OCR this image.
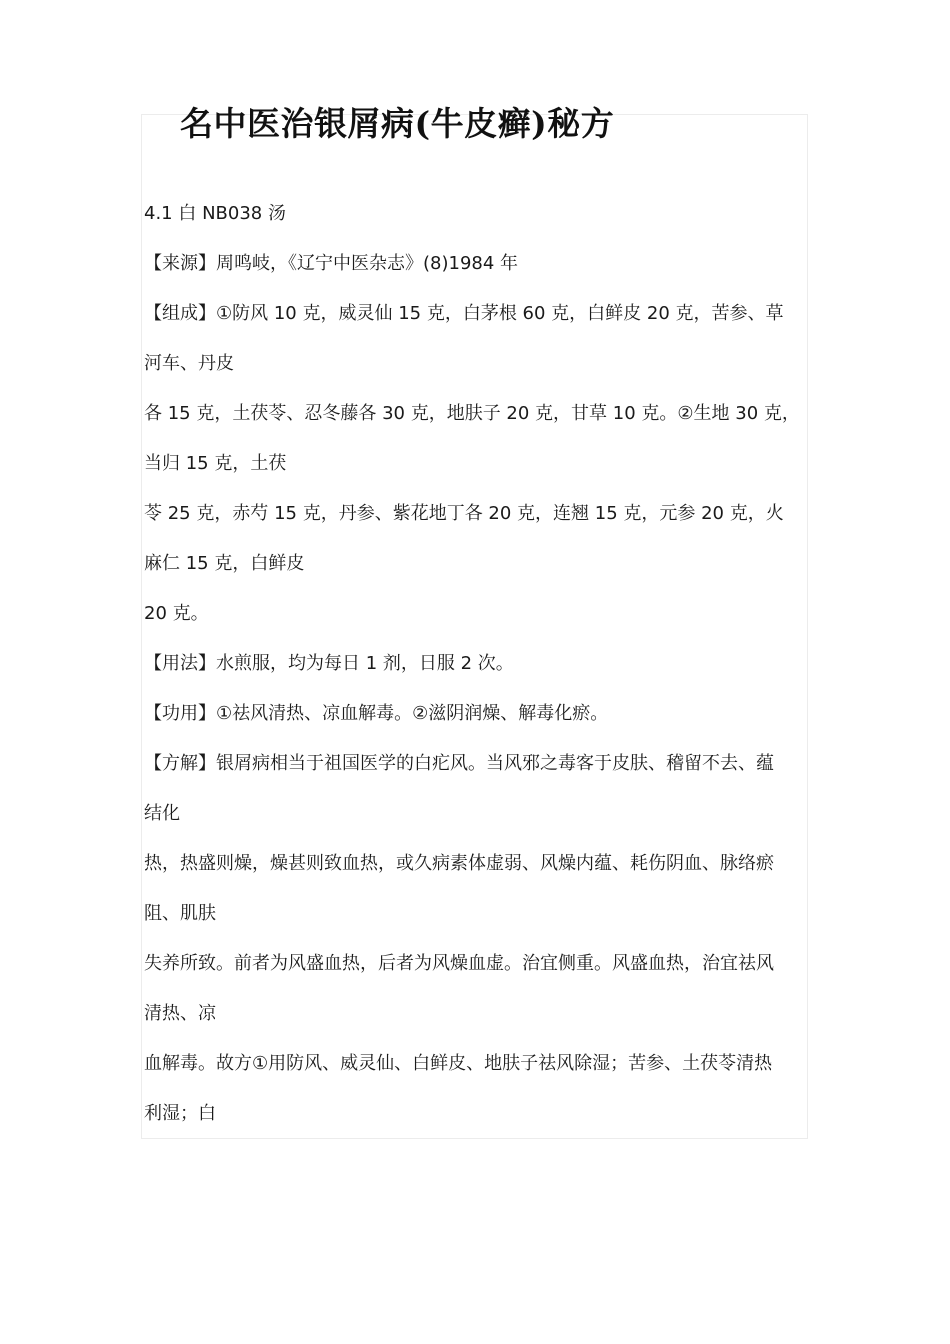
名中医治银屑病(牛皮癣)秘方
4.1 白 NB038 汤
【来源】周鸣岐，《辽宁中医杂志》(8)1984 年
【组成】①防风 10 克，威灵仙 15 克，白茅根 60 克，白鲜皮 20 克，苦参、草
河车、丹皮
各 15 克，土茯苓、忍冬藤各 30 克，地肤子 20 克，甘草 10 克。②生地 30 克，
当归 15 克，土茯
苓 25 克，赤芍 15 克，丹参、紫花地丁各 20 克，连翘 15 克，元参 20 克，火
麻仁 15 克，白鲜皮
20 克。
【用法】水煎服，均为每日 1 剂，日服 2 次。
【功用】①祛风清热、凉血解毒。②滋阴润燥、解毒化瘀。
【方解】银屑病相当于祖国医学的白疕风。当风邪之毒客于皮肤、稽留不去、蕴
结化
热，热盛则燥，燥甚则致血热，或久病素体虚弱、风燥内蕴、耗伤阴血、脉络瘀
阻、肌肤
失养所致。前者为风盛血热，后者为风燥血虚。治宜侧重。风盛血热，治宜祛风
清热、凉
血解毒。故方①用防风、威灵仙、白鲜皮、地肤子祛风除湿；苦参、土茯苓清热
利湿；白
